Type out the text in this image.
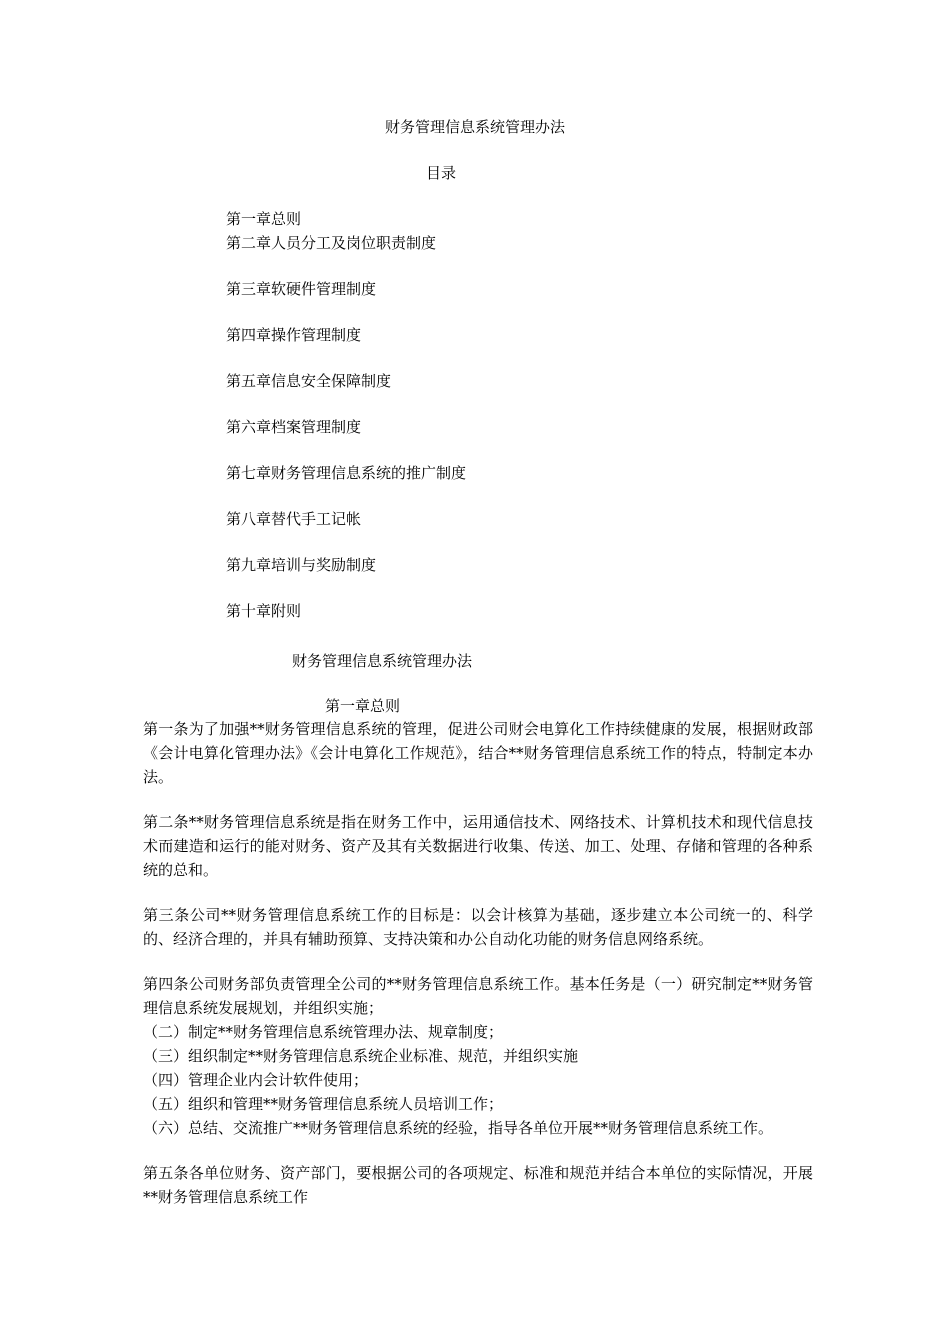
财务管理信息系统管理办法
目录
第一章总则
第二章人员分工及岗位职责制度
第三章软硬件管理制度
第四章操作管理制度
第五章信息安全保障制度
第六章档案管理制度
第七章财务管理信息系统的推广制度
第八章替代手工记帐
第九章培训与奖励制度
第十章附则
财务管理信息系统管理办法
第一章总则

第一条为了加强**财务管理信息系统的管理，促进公司财会电算化工作持续健康的发展，根据财政部《会计电算化管理办法》《会计电算化工作规范》，结合**财务管理信息系统工作的特点，特制定本办法。

第二条**财务管理信息系统是指在财务工作中，运用通信技术、网络技术、计算机技术和现代信息技术而建造和运行的能对财务、资产及其有关数据进行收集、传送、加工、处理、存储和管理的各种系统的总和。

第三条公司**财务管理信息系统工作的目标是：以会计核算为基础，逐步建立本公司统一的、科学的、经济合理的，并具有辅助预算、支持决策和办公自动化功能的财务信息网络系统。

第四条公司财务部负责管理全公司的**财务管理信息系统工作。基本任务是（一）研究制定**财务管理信息系统发展规划，并组织实施；

（二）制定**财务管理信息系统管理办法、规章制度；
（三）组织制定**财务管理信息系统企业标准、规范，并组织实施
（四）管理企业内会计软件使用；
（五）组织和管理**财务管理信息系统人员培训工作；
（六）总结、交流推广**财务管理信息系统的经验，指导各单位开展**财务管理信息系统工作。

第五条各单位财务、资产部门，要根据公司的各项规定、标准和规范并结合本单位的实际情况，开展**财务管理信息系统工作
